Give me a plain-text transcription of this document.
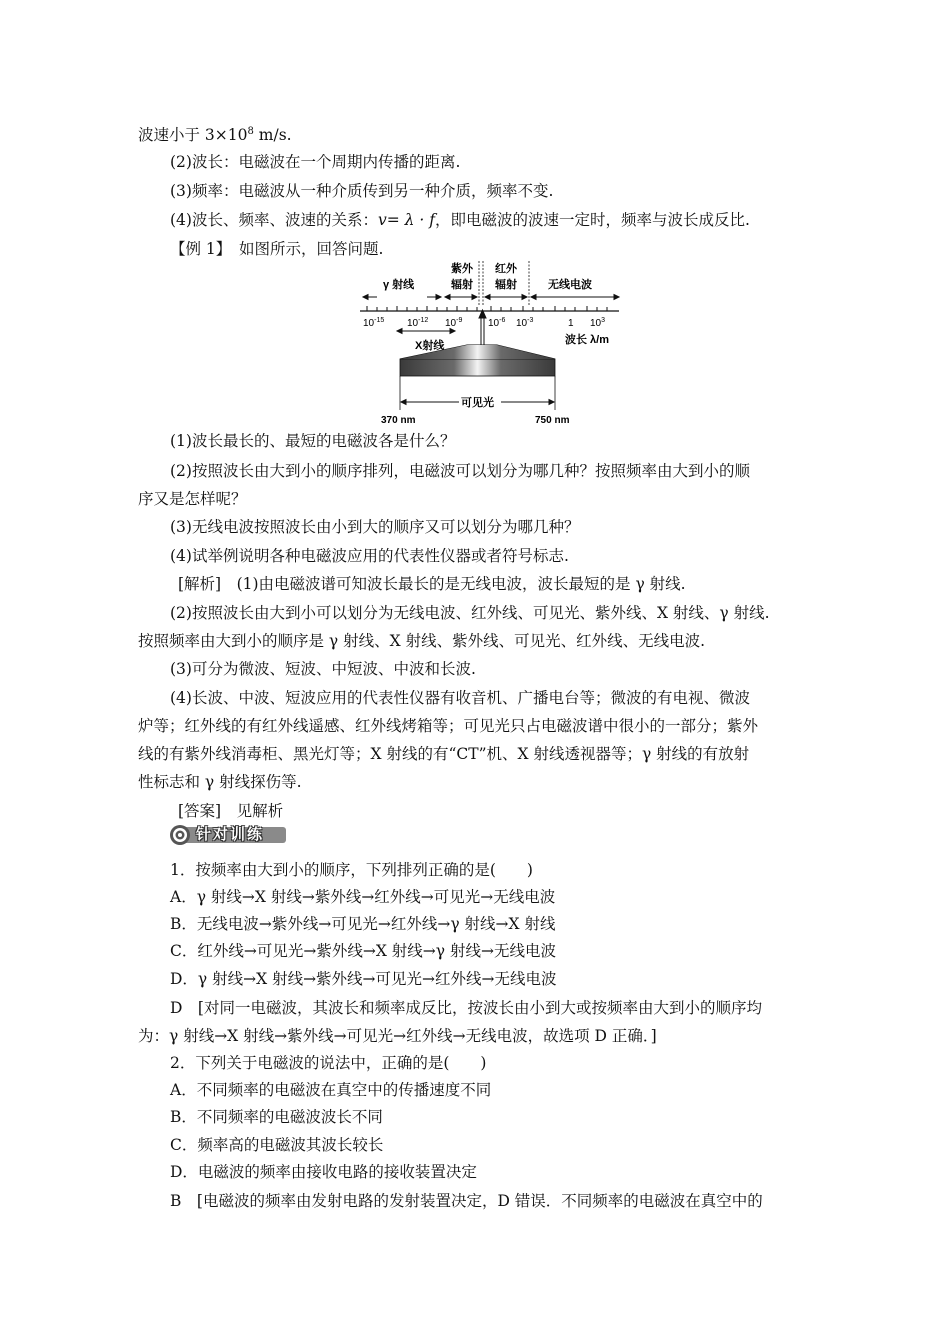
波速小于 $3\times 10^8$ m/s.
(2)波长：电磁波在一个周期内传播的距离.
(3)频率：电磁波从一种介质传到另一种介质，频率不变.
(4)波长、频率、波速的关系：v= λ · f，即电磁波的波速一定时，频率与波长成反比.
【例 1】　如图所示，回答问题.
γ 射线
紫外
辐射
红外
辐射	无线电波
$10^{-15}$ $10^{-12}$ $10^{-9}$	$10^{-6}$ $10^{-3}$	1 $10^3$
波长 λ/m
X射线
可见光
370 nm	750 nm
(1)波长最长的、最短的电磁波各是什么？
(2)按照波长由大到小的顺序排列，电磁波可以划分为哪几种？按照频率由大到小的顺
序又是怎样呢？
(3)无线电波按照波长由小到大的顺序又可以划分为哪几种？
(4)试举例说明各种电磁波应用的代表性仪器或者符号标志.
[解析]　(1)由电磁波谱可知波长最长的是无线电波，波长最短的是 γ 射线.
(2)按照波长由大到小可以划分为无线电波、红外线、可见光、紫外线、X 射线、γ 射线.
按照频率由大到小的顺序是 γ 射线、X 射线、紫外线、可见光、红外线、无线电波.
(3)可分为微波、短波、中短波、中波和长波.
(4)长波、中波、短波应用的代表性仪器有收音机、广播电台等；微波的有电视、微波
炉等；红外线的有红外线遥感、红外线烤箱等；可见光只占电磁波谱中很小的一部分；紫外
线的有紫外线消毒柜、黑光灯等；X 射线的有“CT”机、X 射线透视器等；γ 射线的有放射
性标志和 γ 射线探伤等.
[答案]　见解析
针对训练
1．按频率由大到小的顺序，下列排列正确的是(　　)
A．γ 射线→X 射线→紫外线→红外线→可见光→无线电波
B．无线电波→紫外线→可见光→红外线→γ 射线→X 射线
C．红外线→可见光→紫外线→X 射线→γ 射线→无线电波
D．γ 射线→X 射线→紫外线→可见光→红外线→无线电波
D　[对同一电磁波，其波长和频率成反比，按波长由小到大或按频率由大到小的顺序均
为：γ 射线→X 射线→紫外线→可见光→红外线→无线电波，故选项 D 正确．]
2．下列关于电磁波的说法中，正确的是(　　)
A．不同频率的电磁波在真空中的传播速度不同
B．不同频率的电磁波波长不同
C．频率高的电磁波其波长较长
D．电磁波的频率由接收电路的接收装置决定
B　[电磁波的频率由发射电路的发射装置决定，D 错误．不同频率的电磁波在真空中的
